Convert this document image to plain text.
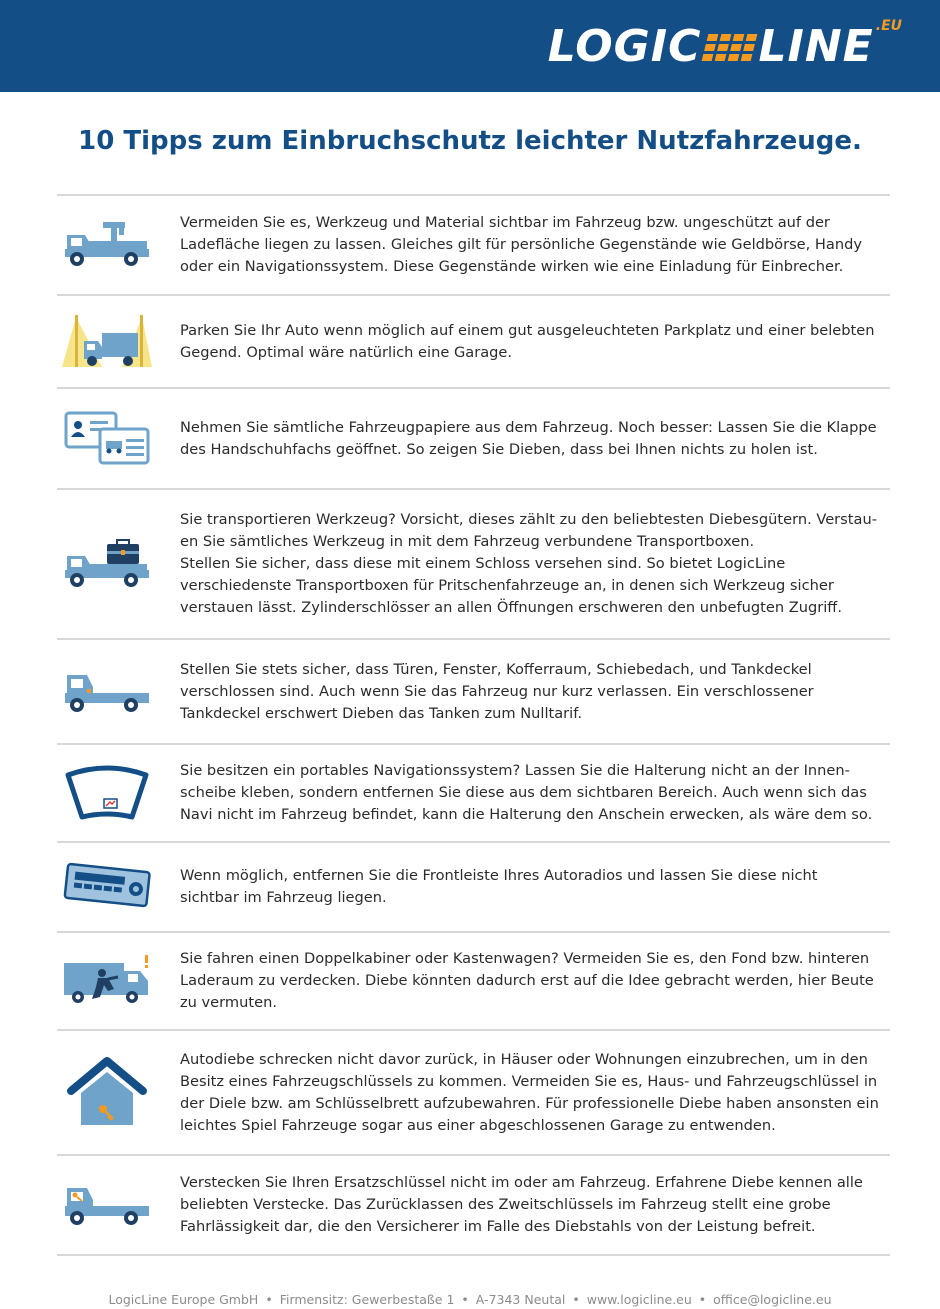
LOGIC LINE .EU
10 Tipps zum Einbruchschutz leichter Nutzfahrzeuge.
Vermeiden Sie es, Werkzeug und Material sichtbar im Fahrzeug bzw. ungeschützt auf der
Ladefläche liegen zu lassen. Gleiches gilt für persönliche Gegenstände wie Geldbörse, Handy
oder ein Navigationssystem. Diese Gegenstände wirken wie eine Einladung für Einbrecher.
Parken Sie Ihr Auto wenn möglich auf einem gut ausgeleuchteten Parkplatz und einer belebten
Gegend. Optimal wäre natürlich eine Garage.
Nehmen Sie sämtliche Fahrzeugpapiere aus dem Fahrzeug. Noch besser: Lassen Sie die Klappe
des Handschuhfachs geöffnet. So zeigen Sie Dieben, dass bei Ihnen nichts zu holen ist.
Sie transportieren Werkzeug? Vorsicht, dieses zählt zu den beliebtesten Diebesgütern. Verstau-
en Sie sämtliches Werkzeug in mit dem Fahrzeug verbundene Transportboxen.
Stellen Sie sicher, dass diese mit einem Schloss versehen sind. So bietet LogicLine
verschiedenste Transportboxen für Pritschenfahrzeuge an, in denen sich Werkzeug sicher
verstauen lässt. Zylinderschlösser an allen Öffnungen erschweren den unbefugten Zugriff.
Stellen Sie stets sicher, dass Türen, Fenster, Kofferraum, Schiebedach, und Tankdeckel
verschlossen sind. Auch wenn Sie das Fahrzeug nur kurz verlassen. Ein verschlossener
Tankdeckel erschwert Dieben das Tanken zum Nulltarif.
Sie besitzen ein portables Navigationssystem? Lassen Sie die Halterung nicht an der Innen-
scheibe kleben, sondern entfernen Sie diese aus dem sichtbaren Bereich. Auch wenn sich das
Navi nicht im Fahrzeug befindet, kann die Halterung den Anschein erwecken, als wäre dem so.
Wenn möglich, entfernen Sie die Frontleiste Ihres Autoradios und lassen Sie diese nicht
sichtbar im Fahrzeug liegen.
Sie fahren einen Doppelkabiner oder Kastenwagen? Vermeiden Sie es, den Fond bzw. hinteren
Laderaum zu verdecken. Diebe könnten dadurch erst auf die Idee gebracht werden, hier Beute
zu vermuten.
Autodiebe schrecken nicht davor zurück, in Häuser oder Wohnungen einzubrechen, um in den
Besitz eines Fahrzeugschlüssels zu kommen. Vermeiden Sie es, Haus- und Fahrzeugschlüssel in
der Diele bzw. am Schlüsselbrett aufzubewahren. Für professionelle Diebe haben ansonsten ein
leichtes Spiel Fahrzeuge sogar aus einer abgeschlossenen Garage zu entwenden.
Verstecken Sie Ihren Ersatzschlüssel nicht im oder am Fahrzeug. Erfahrene Diebe kennen alle
beliebten Verstecke. Das Zurücklassen des Zweitschlüssels im Fahrzeug stellt eine grobe
Fahrlässigkeit dar, die den Versicherer im Falle des Diebstahls von der Leistung befreit.
LogicLine Europe GmbH • Firmensitz: Gewerbestaße 1 • A-7343 Neutal • www.logicline.eu • office@logicline.eu
